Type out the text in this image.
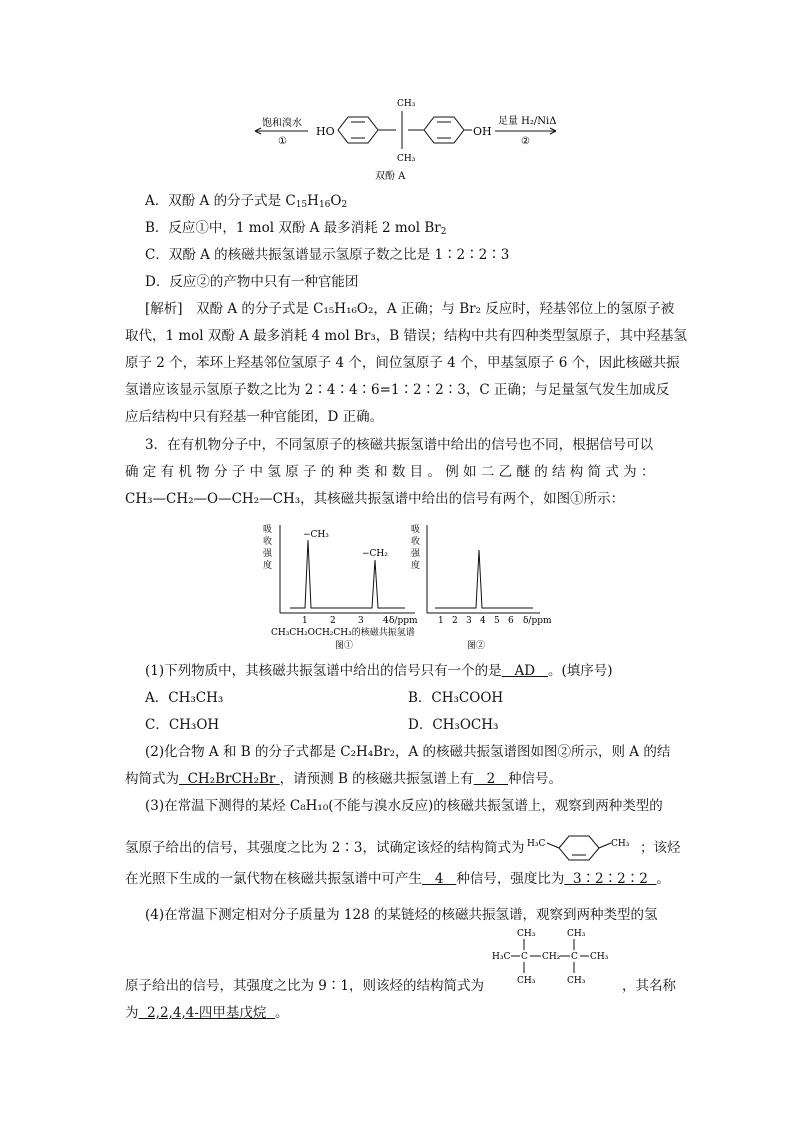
饱和溴水
①
HO
CH₃
CH₃
OH
足量 H₂/NiΔ
②
双酚 A
A．双酚 A 的分子式是 $C_{15}H_{16}O_2$
B．反应①中，1 mol 双酚 A 最多消耗 2 mol $Br_2$
C．双酚 A 的核磁共振氢谱显示氢原子数之比是 1∶2∶2∶3
D．反应②的产物中只有一种官能团
[解析]　双酚 A 的分子式是 C₁₅H₁₆O₂，A 正确；与 Br₂ 反应时，羟基邻位上的氢原子被
取代，1 mol 双酚 A 最多消耗 4 mol Br₃，B 错误；结构中共有四种类型氢原子，其中羟基氢
原子 2 个，苯环上羟基邻位氢原子 4 个，间位氢原子 4 个，甲基氢原子 6 个，因此核磁共振
氢谱应该显示氢原子数之比为 2∶4∶4∶6=1∶2∶2∶3，C 正确；与足量氢气发生加成反
应后结构中只有羟基一种官能团，D 正确。
3．在有机物分子中，不同氢原子的核磁共振氢谱中给出的信号也不同，根据信号可以
确 定 有 机 物 分 子 中 氢 原 子 的 种 类 和 数 目 。 例 如 二 乙 醚 的 结 构 简 式 为 ：
CH₃—CH₂—O—CH₂—CH₃，其核磁共振氢谱中给出的信号有两个，如图①所示：
吸
收
强
度
−CH₃
−CH₂
1 2 3 4 δ/ppm
CH₃CH₂OCH₂CH₃的核磁共振氢谱
图①
吸
收
强
度
1 2 3 4 5 6 δ/ppm
图②
(1)下列物质中，其核磁共振氢谱中给出的信号只有一个的是 AD 。(填序号)
A．CH₃CH₃	B．CH₃COOH
C．CH₃OH	D．CH₃OCH₃
(2)化合物 A 和 B 的分子式都是 C₂H₄Br₂，A 的核磁共振氢谱图如图②所示，则 A 的结
构简式为 CH₂BrCH₂Br ，请预测 B 的核磁共振氢谱上有 2 种信号。
(3)在常温下测得的某烃 C₈H₁₀(不能与溴水反应)的核磁共振氢谱上，观察到两种类型的
氢原子给出的信号，其强度之比为 2∶3，试确定该烃的结构简式为 H₃C	CH₃ ；该烃
在光照下生成的一氯代物在核磁共振氢谱中可产生 4 种信号，强度比为 3∶2∶2∶2 。
(4)在常温下测定相对分子质量为 128 的某链烃的核磁共振氢谱，观察到两种类型的氢
CH₃	CH₃
H₃C C CH₂ C CH₃
CH₃	CH₃
原子给出的信号，其强度之比为 9∶1，则该烃的结构简式为	，其名称
为 2,2,4,4-四甲基戊烷 。
